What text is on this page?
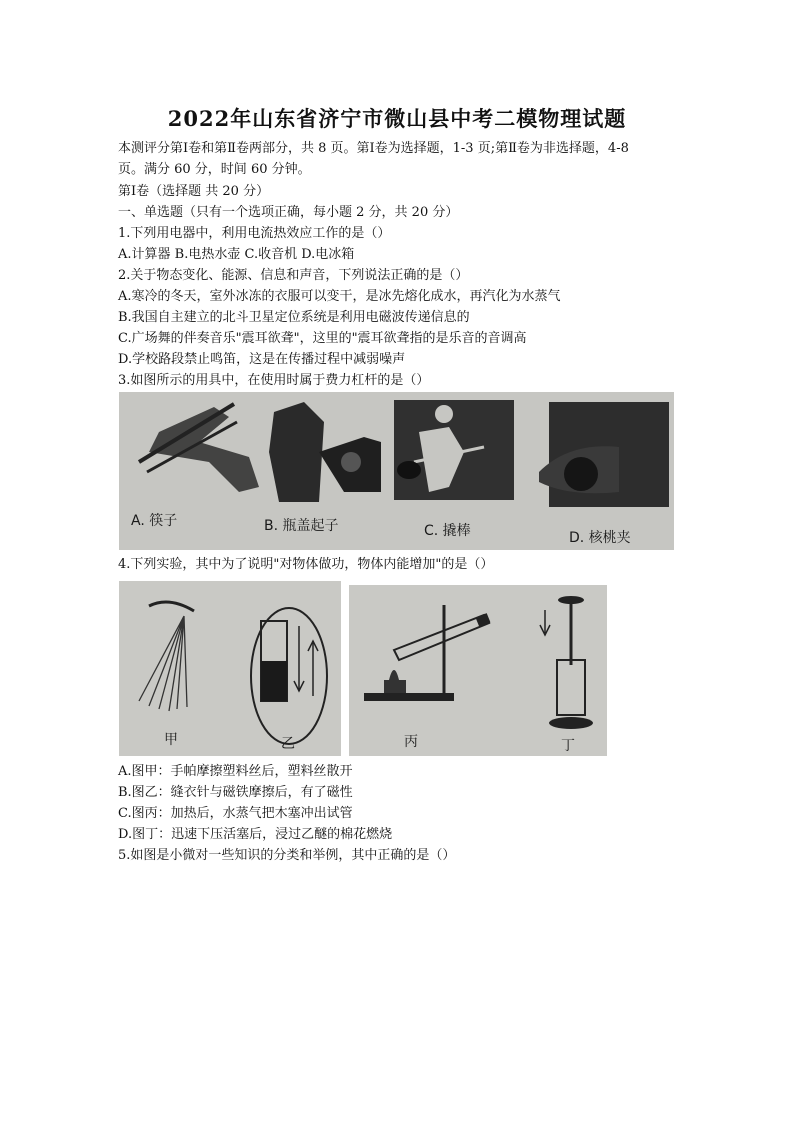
2022年山东省济宁市微山县中考二模物理试题
本测评分第Ⅰ卷和第Ⅱ卷两部分，共 8 页。第Ⅰ卷为选择题，1-3 页;第Ⅱ卷为非选择题，4-8
页。满分 60 分，时间 60 分钟。
第Ⅰ卷（选择题 共 20 分）
一、单选题（只有一个选项正确，每小题 2 分，共 20 分）
1.下列用电器中，利用电流热效应工作的是（）
A.计算器 B.电热水壶 C.收音机 D.电冰箱
2.关于物态变化、能源、信息和声音，下列说法正确的是（）
A.寒冷的冬天，室外冰冻的衣服可以变干，是冰先熔化成水，再汽化为水蒸气
B.我国自主建立的北斗卫星定位系统是利用电磁波传递信息的
C.广场舞的伴奏音乐"震耳欲聋"，这里的"震耳欲聋指的是乐音的音调高
D.学校路段禁止鸣笛，这是在传播过程中减弱噪声
3.如图所示的用具中，在使用时属于费力杠杆的是（）
A. 筷子	B. 瓶盖起子	C. 撬棒	D. 核桃夹
4.下列实验，其中为了说明"对物体做功，物体内能增加"的是（）
甲	乙	丙	丁
A.图甲：手帕摩擦塑料丝后，塑料丝散开
B.图乙：缝衣针与磁铁摩擦后，有了磁性
C.图丙：加热后，水蒸气把木塞冲出试管
D.图丁：迅速下压活塞后，浸过乙醚的棉花燃烧
5.如图是小微对一些知识的分类和举例，其中正确的是（）
